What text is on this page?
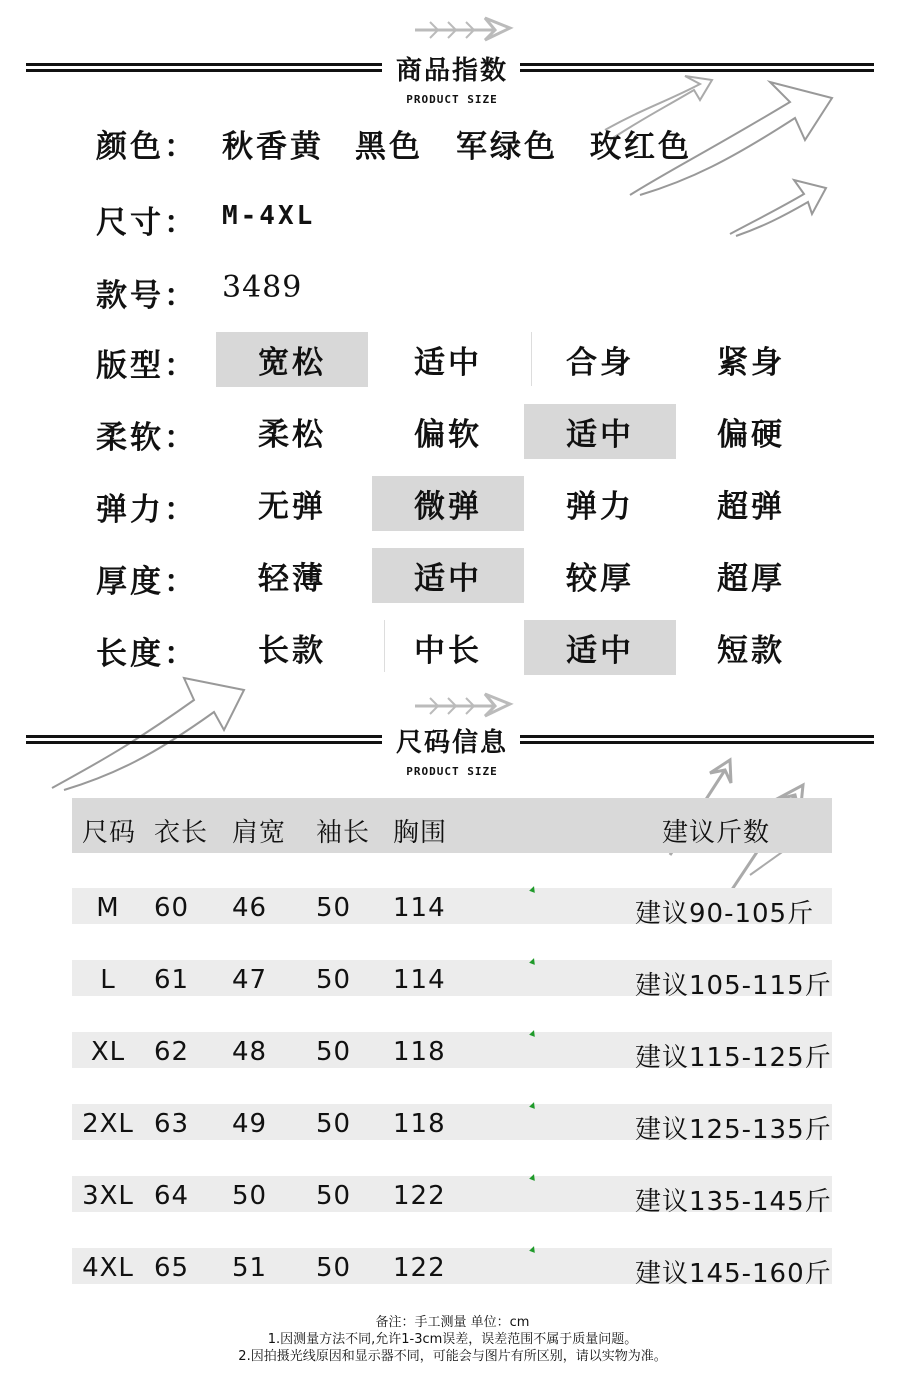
商品指数
PRODUCT SIZE
颜色： 秋香黄 黑色 军绿色 玫红色
尺寸： M-4XL
款号： 3489
版型：	宽松	适中	合身	紧身
柔软：	柔松	偏软	适中	偏硬
弹力：	无弹	微弹	弹力	超弹
厚度：	轻薄	适中	较厚	超厚
长度：	长款	中长	适中	短款
尺码信息
PRODUCT SIZE
尺码 衣长 肩宽 袖长 胸围	建议斤数
M	60 46 50 114	建议90-105斤
L	61 47 50 114	建议105-115斤
XL	62 48 50 118	建议115-125斤
2XL 63 49 50 118	建议125-135斤
3XL 64 50 50 122	建议135-145斤
4XL 65 51 50 122	建议145-160斤
备注：手工测量 单位：cm
1.因测量方法不同,允许1-3cm误差，误差范围不属于质量问题。
2.因拍摄光线原因和显示器不同，可能会与图片有所区别，请以实物为准。
